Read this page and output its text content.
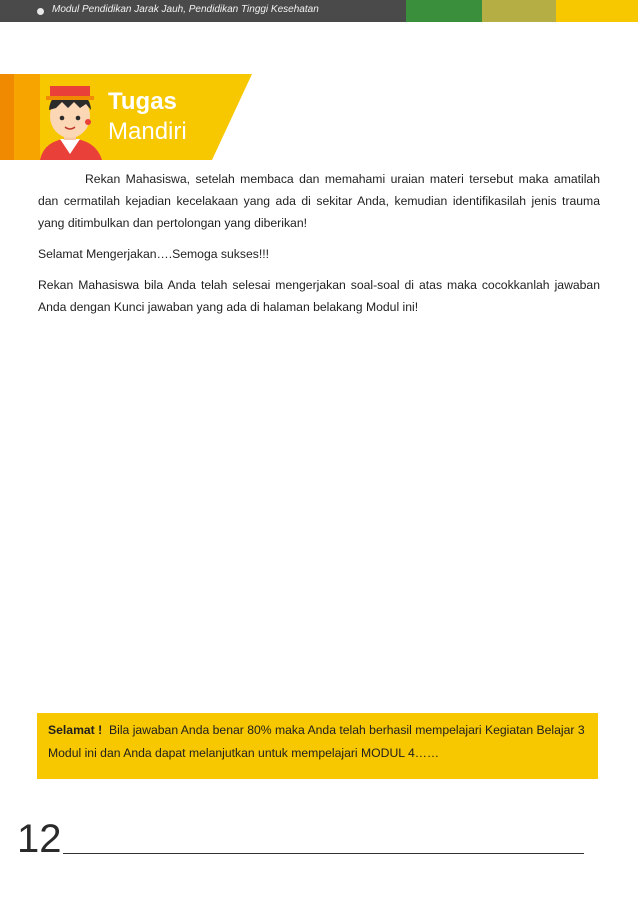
Modul Pendidikan Jarak Jauh, Pendidikan Tinggi Kesehatan
Tugas
Mandiri

Rekan Mahasiswa, setelah membaca dan memahami uraian materi tersebut maka amatilah dan cermatilah kejadian kecelakaan yang ada di sekitar Anda, kemudian identifikasilah jenis trauma yang ditimbulkan dan pertolongan yang diberikan!

Selamat Mengerjakan….Semoga sukses!!!

Rekan Mahasiswa bila Anda telah selesai mengerjakan soal-soal di atas maka cocokkanlah jawaban Anda dengan Kunci jawaban yang ada di halaman belakang Modul ini!

Selamat ! Bila jawaban Anda benar 80% maka Anda telah berhasil mempelajari Kegiatan Belajar 3 Modul ini dan Anda dapat melanjutkan untuk mempelajari MODUL 4……
12
